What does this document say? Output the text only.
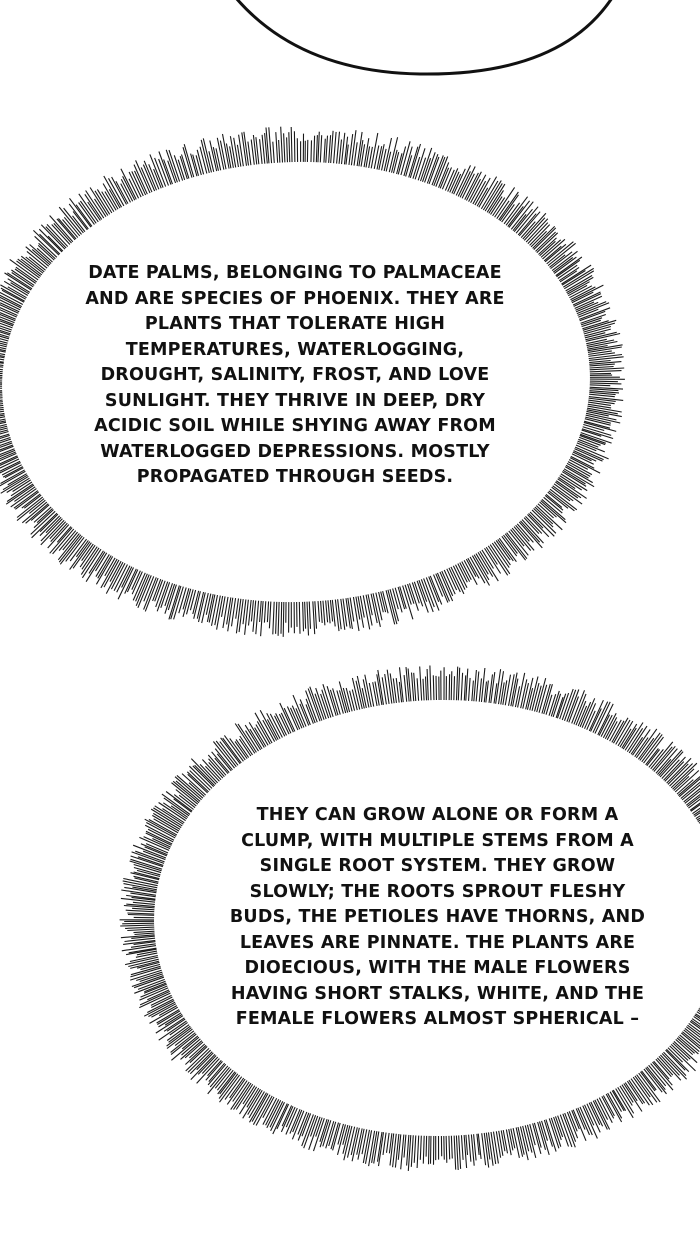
DATE PALMS, BELONGING TO PALMACEAE
AND ARE SPECIES OF PHOENIX. THEY ARE
PLANTS THAT TOLERATE HIGH
TEMPERATURES, WATERLOGGING,
DROUGHT, SALINITY, FROST, AND LOVE
SUNLIGHT. THEY THRIVE IN DEEP, DRY
ACIDIC SOIL WHILE SHYING AWAY FROM
WATERLOGGED DEPRESSIONS. MOSTLY
PROPAGATED THROUGH SEEDS.
THEY CAN GROW ALONE OR FORM A
CLUMP, WITH MULTIPLE STEMS FROM A
SINGLE ROOT SYSTEM. THEY GROW
SLOWLY; THE ROOTS SPROUT FLESHY
BUDS, THE PETIOLES HAVE THORNS, AND
LEAVES ARE PINNATE. THE PLANTS ARE
DIOECIOUS, WITH THE MALE FLOWERS
HAVING SHORT STALKS, WHITE, AND THE
FEMALE FLOWERS ALMOST SPHERICAL –
